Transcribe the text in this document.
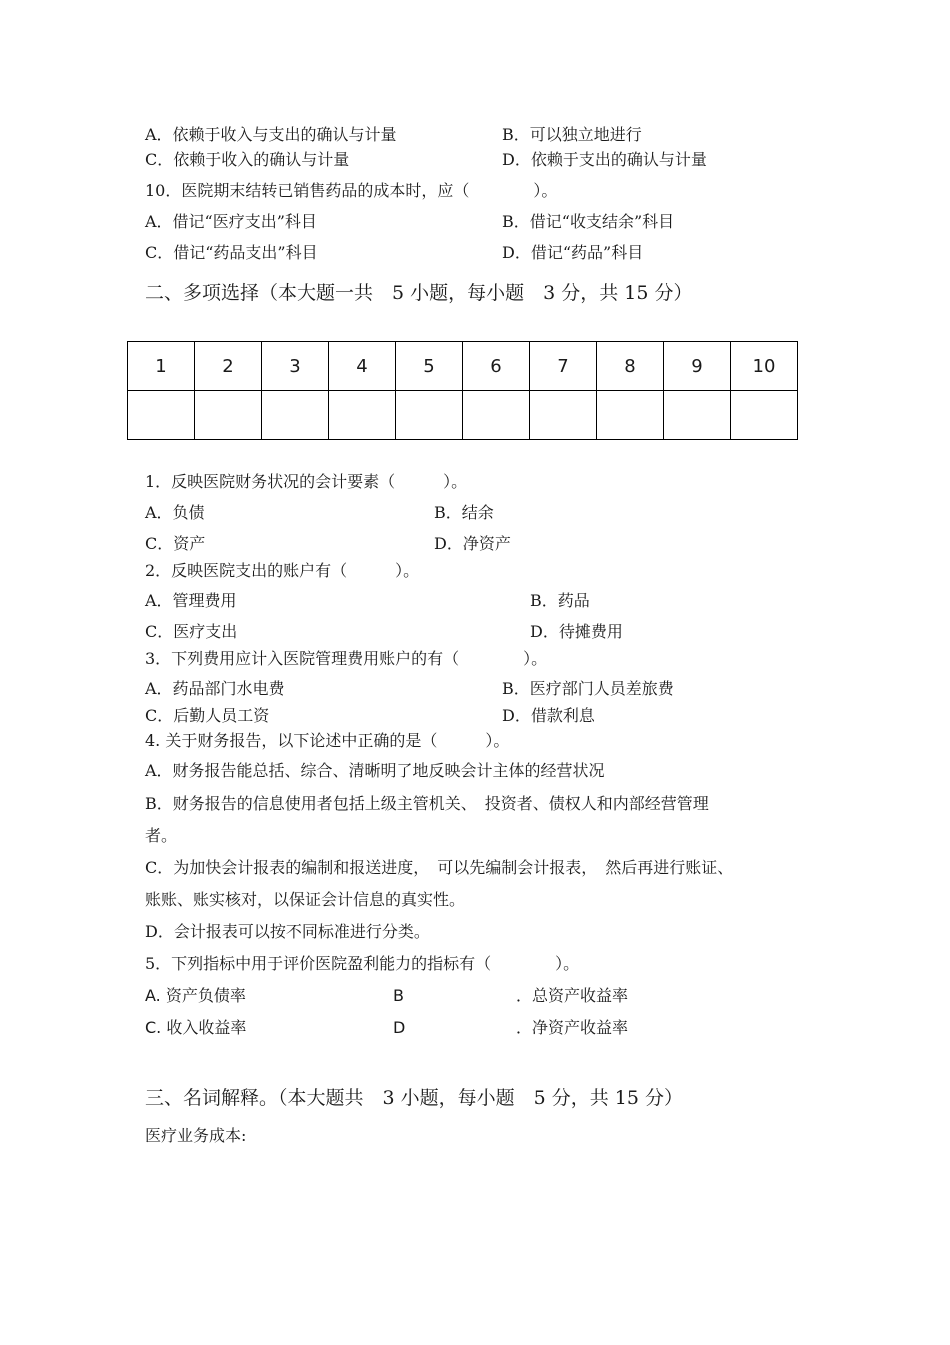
A．依赖于收入与支出的确认与计量	B．可以独立地进行
C．依赖于收入的确认与计量	D．依赖于支出的确认与计量
10．医院期末结转已销售药品的成本时，应（　　　　）。
A．借记“医疗支出”科目	B．借记“收支结余”科目
C．借记“药品支出”科目	D．借记“药品”科目
二、多项选择（本大题一共　5 小题，每小题　3 分，共 15 分）
1	2	3	4	5	6	7	8	9	10

1．反映医院财务状况的会计要素（　　　）。
A．负债	B．结余
C．资产	D．净资产
2．反映医院支出的账户有（　　　）。
A．管理费用	B．药品
C．医疗支出	D．待摊费用
3．下列费用应计入医院管理费用账户的有（　　　　）。
A．药品部门水电费	B．医疗部门人员差旅费
C．后勤人员工资	D．借款利息
4. 关于财务报告，以下论述中正确的是（　　　）。
A．财务报告能总括、综合、清晰明了地反映会计主体的经营状况
B．财务报告的信息使用者包括上级主管机关、　投资者、债权人和内部经营管理
者。
C．为加快会计报表的编制和报送进度，　可以先编制会计报表，　然后再进行账证、
账账、账实核对，以保证会计信息的真实性。
D．会计报表可以按不同标准进行分类。
5．下列指标中用于评价医院盈利能力的指标有（　　　　）。
A. 资产负债率	B	．总资产收益率
C. 收入收益率	D	．净资产收益率
三、名词解释。（本大题共　3 小题，每小题　5 分，共 15 分）
医疗业务成本:
